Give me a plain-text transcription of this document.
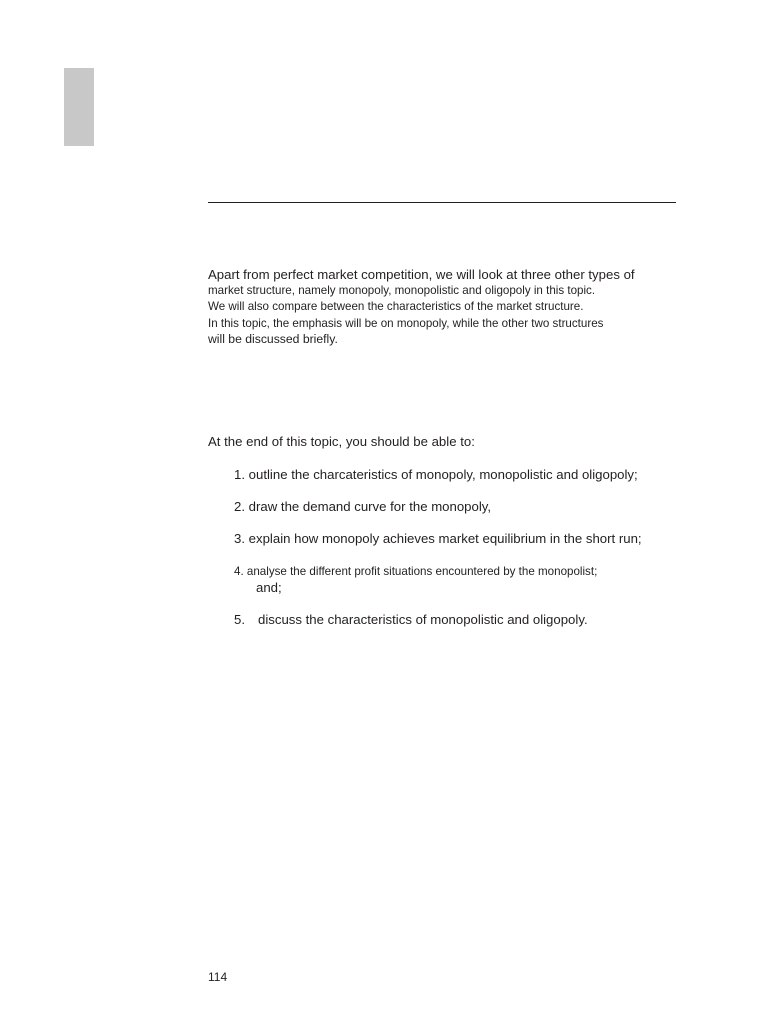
Apart from perfect market competition, we will look at three other types of
market structure, namely monopoly, monopolistic and oligopoly in this topic.
We will also compare between the characteristics of the market structure.
In this topic, the emphasis will be on monopoly, while the other two structures
will be discussed briefly.

At the end of this topic, you should be able to:

1. outline the charcateristics of monopoly, monopolistic and oligopoly;

2. draw the demand curve for the monopoly,

3. explain how monopoly achieves market equilibrium in the short run;

4. analyse the different profit situations encountered by the monopolist;

and;

5. discuss the characteristics of monopolistic and oligopoly.

114
